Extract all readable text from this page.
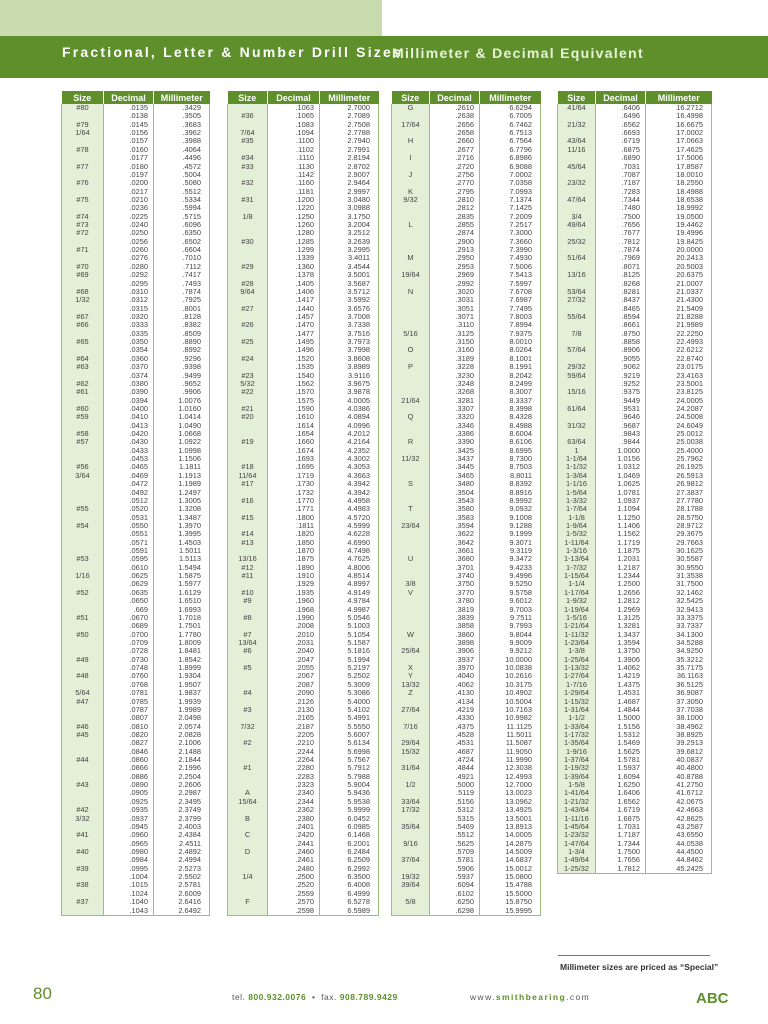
Fractional, Letter & Number Drill Sizes
Millimeter & Decimal Equivalent
Size	Decimal	Millimeter
#80	.0135	.3429
	.0138	.3505
#79	.0145	.3683
1/64	.0156	.3962
	.0157	.3988
#78	.0160	.4064
	.0177	.4496
#77	.0180	.4572
	.0197	.5004
#76	.0200	.5080
	.0217	.5512
#75	.0210	.5334
	.0236	.5994
#74	.0225	.5715
#73	.0240	.6096
#72	.0250	.6350
	.0256	.6502
#71	.0260	.6604
	.0276	.7010
#70	.0280	.7112
#69	.0292	.7417
	.0295	.7493
#68	.0310	.7874
1/32	.0312	.7925
	.0315	.8001
#67	.0320	.8128
#66	.0333	.8382
	.0335	.8509
#65	.0350	.8890
	.0354	.8992
#64	.0360	.9296
#63	.0370	.9398
	.0374	.9499
#62	.0380	.9652
#61	.0390	.9906
	.0394	1.0076
#60	.0400	1.0160
#59	.0410	1.0414
	.0413	1.0490
#58	.0420	1.0668
#57	.0430	1.0922
	.0433	1.0998
	.0453	1.1506
#56	.0465	1.1811
3/64	.0469	1.1913
	.0472	1.1989
	.0492	1.2497
	.0512	1.3005
#55	.0520	1.3208
	.0531	1.3487
#54	.0550	1.3970
	.0551	1.3995
	.0571	1.4503
	.0591	1.5011
#53	.0595	1.5113
	.0610	1.5494
1/16	.0625	1.5875
	.0629	1.5977
#52	.0635	1.6129
	.0650	1.6510
	.669	1.6993
#51	.0670	1.7018
	.0689	1.7501
#50	.0700	1.7780
	.0709	1.8009
	.0728	1.8481
#49	.0730	1.8542
	.0748	1.8999
#48	.0760	1.9304
	.0768	1.9507
5/64	.0781	1.9837
#47	.0785	1.9939
	.0787	1.9989
	.0807	2.0498
#46	.0810	2.0574
#45	.0820	2.0828
	.0827	2.1006
	.0846	2.1488
#44	.0860	2.1844
	.0866	2.1996
	.0886	2.2504
#43	.0890	2.2606
	.0905	2.2987
	.0925	2.3495
#42	.0935	2.3749
3/32	.0937	2.3799
	.0945	2.4003
#41	.0960	2.4384
	.0965	2.4511
#40	.0980	2.4892
	.0984	2.4994
#39	.0995	2.5273
	.1004	2.5502
#38	.1015	2.5781
	.1024	2.6009
#37	.1040	2.6416
	.1043	2.6492
Size	Decimal	Millimeter
	.1063	2.7000
#36	.1065	2.7089
	.1083	2.7508
7/64	.1094	2.7788
#35	.1100	2.7940
	.1102	2.7991
#34	.1110	2.8194
#33	.1130	2.8702
	.1142	2.9007
#32	.1160	2.9464
	.1181	2.9997
#31	.1200	3.0480
	.1220	3.0988
1/8	.1250	3.1750
	.1260	3.2004
	.1280	3.2512
#30	.1285	3.2639
	.1299	3.2995
	.1339	3.4011
#29	.1360	3.4544
	.1378	3.5001
#28	.1405	3.5687
9/64	.1406	3.5712
	.1417	3.5992
#27	.1440	3.6576
	.1457	3.7008
#26	.1470	3.7338
	.1477	3.7516
#25	.1495	3.7973
	.1496	3.7998
#24	.1520	3.8608
	.1535	3.8989
#23	.1540	3.9116
5/32	.1562	3.9675
#22	.1570	3.9878
	.1575	4.0005
#21	.1590	4.0386
#20	.1610	4.0894
	.1614	4.0996
	.1654	4.2012
#19	.1660	4.2164
	.1674	4.2352
	.1693	4.3002
#18	.1695	4.3053
11/64	.1719	4.3663
#17	.1730	4.3942
	.1732	4.3942
#16	.1770	4.4958
	.1771	4.4983
#15	.1800	4.5720
	.1811	4.5999
#14	.1820	4.6228
#13	.1850	4.6990
	.1870	4.7498
13/16	.1875	4.7625
#12	.1890	4.8006
#11	.1910	4.8514
	.1929	4.8997
#10	.1935	4.9149
#9	.1960	4.9784
	.1968	4.9987
#8	.1990	5.0546
	.2008	5.1003
#7	.2010	5.1054
13/64	.2031	5.1587
#6	.2040	5.1816
	.2047	5.1994
#5	.2055	5.2197
	.2067	5.2502
	.2087	5.3009
#4	.2090	5.3086
	.2126	5.4000
#3	.2130	5.4102
	.2165	5.4991
7/32	.2187	5.5550
	.2205	5.6007
#2	.2210	5.6134
	.2244	5.6998
	.2264	5.7567
#1	.2280	5.7912
	.2283	5.7988
	.2323	5.9004
A	.2340	5.9436
15/64	.2344	5.9538
	.2362	5.9999
B	.2380	6.0452
	.2401	6.0985
C	.2420	6.1468
	.2441	6.2001
D	.2460	6.2484
	.2461	6.2509
	.2480	6.2992
1/4	.2500	6.3500
	.2520	6.4008
	.2559	6.4999
F	.2570	6.5278
	.2598	6.5989
Size	Decimal	Millimeter
G	.2610	6.6294
	.2638	6.7005
17/64	.2656	6.7462
	.2658	6.7513
H	.2660	6.7564
	.2677	6.7796
I	.2716	6.8986
	.2720	6.9088
J	.2756	7.0002
	.2770	7.0358
K	.2795	7.0993
9/32	.2810	7.1374
	.2812	7.1425
	.2835	7.2009
L	.2855	7.2517
	.2874	7.3000
	.2900	7.3660
	.2913	7.3990
M	.2950	7.4930
	.2953	7.5006
19/64	.2969	7.5413
	.2992	7.5997
N	.3020	7.6708
	.3031	7.6987
	.3051	7.7495
	.3071	7.8003
	.3110	7.8994
5/16	.3125	7.9375
	.3150	8.0010
O	.3160	8.0264
	.3189	8.1001
P	.3228	8.1991
	.3230	8.2042
	.3248	8.2499
	.3268	8.3007
21/64	.3281	8.3337
	.3307	8.3998
Q	.3320	8.4328
	.3346	8.4988
	.3386	8.6004
R	.3390	8.6106
	.3425	8.6995
11/32	.3437	8.7300
	.3445	8.7503
	.3465	8.8011
S	.3480	8.8392
	.3504	8.8916
	.3543	8.9992
T	.3580	9.0932
	.3583	9.1008
23/64	.3594	9.1288
	.3622	9.1999
	.3642	9.3071
	.3661	9.3119
U	.3680	9.3472
	.3701	9.4233
	.3740	9.4996
3/8	.3750	9.5250
V	.3770	9.5758
	.3780	9.6012
	.3819	9.7003
	.3839	9.7511
	.3858	9.7993
W	.3860	9.8044
	.3898	9.9009
25/64	.3906	9.9212
	.3937	10.0000
X	.3970	10.0838
Y	.4040	10.2616
13/32	.4062	10.3175
Z	.4130	10.4902
	.4134	10.5004
27/64	.4219	10.7163
	.4330	10.9982
7/16	.4375	11.1125
	.4528	11.5011
29/64	.4531	11.5087
15/32	.4687	11.9050
	.4724	11.9990
31/64	.4844	12.3038
	.4921	12.4993
1/2	.5000	12.7000
	.5119	13.0023
33/64	.5156	13.0962
17/32	.5312	13.4925
	.5315	13.5001
35/64	.5469	13.8913
	.5512	14.0005
9/16	.5625	14.2875
	.5709	14.5009
37/64	.5781	14.6837
	.5906	15.0012
19/32	.5937	15.0800
39/64	.6094	15.4788
	.6102	15.5000
5/8	.6250	15.8750
	.6298	15.9995
Size	Decimal	Millimeter
41/64	.6406	16.2712
	.6496	16.4998
21/32	.6562	16.6675
	.6693	17.0002
43/64	.6719	17.0663
11/16	.6875	17.4625
	.6890	17.5006
45/64	.7031	17.8587
	.7087	18.0010
23/32	.7187	18.2550
	.7283	18.4988
47/64	.7344	18.6538
	.7480	18.9992
3/4	.7500	19.0500
49/64	.7656	19.4462
	.7677	19.4996
25/32	.7812	19.8425
	.7874	20.0000
51/64	.7969	20.2413
	.8071	20.5003
13/16	.8125	20.6375
	.8268	21.0007
53/64	.8281	21.0337
27/32	.8437	21.4300
	.8465	21.5409
55/64	.8594	21.8288
	.8661	21.9989
7/8	.8750	22.2250
	.8858	22.4993
57/64	.8906	22.6212
	.9055	22.8740
29/32	.9062	23.0175
59/64	.9219	23.4163
	.9252	23.5001
15/16	.9375	23.8125
	.9449	24.0005
61/64	.9531	24.2087
	.9646	24.5008
31/32	.9687	24.6049
	.9843	25.0012
63/64	.9844	25.0038
1	1.0000	25.4000
1-1/64	1.0156	25.7962
1-1/32	1.0312	26.1925
1-3/64	1.0469	26.5913
1-1/16	1.0625	26.9812
1-5/64	1.0781	27.3837
1-3/32	1.0937	27.7780
1-7/64	1.1094	28.1788
1-1/8	1.1250	28.5750
1-9/64	1.1406	28.9712
1-5/32	1.1562	29.3675
1-11/64	1.1719	29.7663
1-3/16	1.1875	30.1625
1-13/64	1.2031	30.5587
1-7/32	1.2187	30.9550
1-15/64	1.2344	31.3538
1-1/4	1.2500	31.7500
1-17/64	1.2656	32.1462
1-9/32	1.2812	32.5425
1-19/64	1.2969	32.9413
1-5/16	1.3125	33.3375
1-21/64	1.3281	33.7337
1-11/32	1.3437	34.1300
1-23/64	1.3594	34.5288
1-3/8	1.3750	34.9250
1-25/64	1.3906	35.3212
1-13/32	1.4062	35.7175
1-27/64	1.4219	36.1163
1-7/16	1.4375	36.5125
1-29/64	1.4531	36.9087
1-15/32	1.4687	37.3050
1-31/64	1.4844	37.7038
1-1/2	1.5000	38.1000
1-33/64	1.5156	38.4962
1-17/32	1.5312	38.8925
1-35/64	1.5469	39.2913
1-9/16	1.5625	39.6812
1-37/64	1.5781	40.0837
1-19/32	1.5937	40.4800
1-39/64	1.6094	40.8788
1-5/8	1.6250	41.2750
1-41/64	1.6406	41.6712
1-21/32	1.6562	42.0675
1-43/64	1.6719	42.4663
1-11/16	1.6875	42.8625
1-45/64	1.7031	43.2587
1-23/32	1.7187	43.6550
1-47/64	1.7344	44.0538
1-3/4	1.7500	44.4500
1-49/64	1.7656	44.8462
1-25/32	1.7812	45.2425
Millimeter sizes are priced as “Special”
80	tel. 800.932.0076  •  fax. 908.789.9429	www.smithbearing.com	ABC
